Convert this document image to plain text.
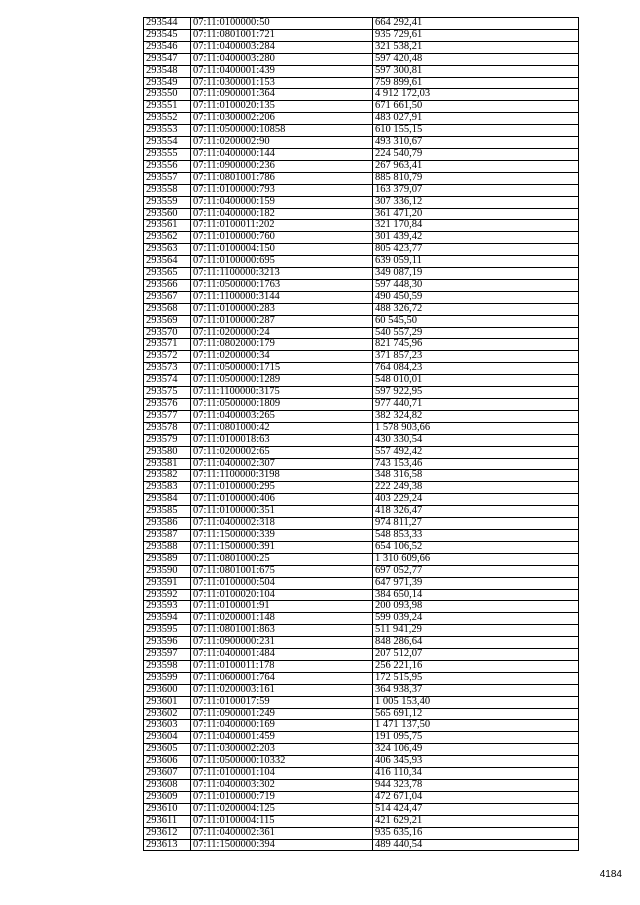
293544	07:11:0100000:50	664 292,41
293545	07:11:0801001:721	935 729,61
293546	07:11:0400003:284	321 538,21
293547	07:11:0400003:280	597 420,48
293548	07:11:0400001:439	597 300,81
293549	07:11:0300001:153	759 899,61
293550	07:11:0900001:364	4 912 172,03
293551	07:11:0100020:135	671 661,50
293552	07:11:0300002:206	483 027,91
293553	07:11:0500000:10858	610 155,15
293554	07:11:0200002:90	493 310,67
293555	07:11:0400000:144	224 540,79
293556	07:11:0900000:236	267 963,41
293557	07:11:0801001:786	885 810,79
293558	07:11:0100000:793	163 379,07
293559	07:11:0400000:159	307 336,12
293560	07:11:0400000:182	361 471,20
293561	07:11:0100011:202	321 170,84
293562	07:11:0100000:760	301 439,42
293563	07:11:0100004:150	805 423,77
293564	07:11:0100000:695	639 059,11
293565	07:11:1100000:3213	349 087,19
293566	07:11:0500000:1763	597 448,30
293567	07:11:1100000:3144	490 450,59
293568	07:11:0100000:283	488 326,72
293569	07:11:0100000:287	60 545,50
293570	07:11:0200000:24	540 557,29
293571	07:11:0802000:179	821 745,96
293572	07:11:0200000:34	371 857,23
293573	07:11:0500000:1715	764 084,23
293574	07:11:0500000:1289	548 010,01
293575	07:11:1100000:3175	597 922,95
293576	07:11:0500000:1809	977 440,71
293577	07:11:0400003:265	382 324,82
293578	07:11:0801000:42	1 578 903,66
293579	07:11:0100018:63	430 330,54
293580	07:11:0200002:65	557 492,42
293581	07:11:0400002:307	743 153,46
293582	07:11:1100000:3198	348 316,58
293583	07:11:0100000:295	222 249,38
293584	07:11:0100000:406	403 229,24
293585	07:11:0100000:351	418 326,47
293586	07:11:0400002:318	974 811,27
293587	07:11:1500000:339	548 853,33
293588	07:11:1500000:391	654 106,52
293589	07:11:0801000:25	1 310 609,66
293590	07:11:0801001:675	697 052,77
293591	07:11:0100000:504	647 971,39
293592	07:11:0100020:104	384 650,14
293593	07:11:0100001:91	200 093,98
293594	07:11:0200001:148	599 039,24
293595	07:11:0801001:863	511 941,29
293596	07:11:0900000:231	848 286,64
293597	07:11:0400001:484	207 512,07
293598	07:11:0100011:178	256 221,16
293599	07:11:0600001:764	172 515,95
293600	07:11:0200003:161	364 938,37
293601	07:11:0100017:59	1 005 153,40
293602	07:11:0900001:249	565 691,12
293603	07:11:0400000:169	1 471 137,50
293604	07:11:0400001:459	191 095,75
293605	07:11:0300002:203	324 106,49
293606	07:11:0500000:10332	406 345,93
293607	07:11:0100001:104	416 110,34
293608	07:11:0400003:302	944 323,78
293609	07:11:0100000:719	472 671,04
293610	07:11:0200004:125	514 424,47
293611	07:11:0100004:115	421 629,21
293612	07:11:0400002:361	935 635,16
293613	07:11:1500000:394	489 440,54
4184
